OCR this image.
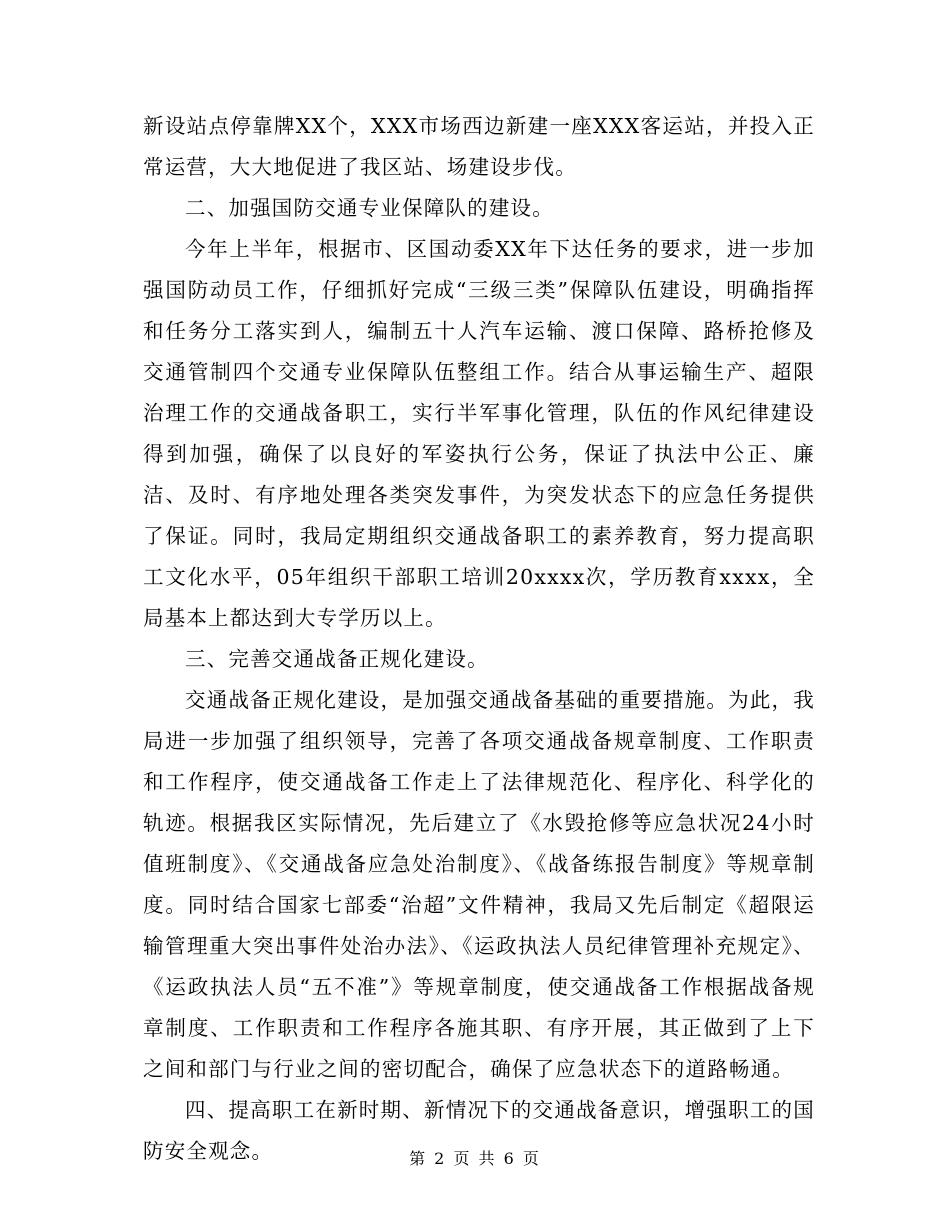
新设站点停靠牌XX个，XXX市场西边新建一座XXX客运站，并投入正常运营，大大地促进了我区站、场建设步伐。

二、加强国防交通专业保障队的建设。

今年上半年，根据市、区国动委XX年下达任务的要求，进一步加强国防动员工作，仔细抓好完成“三级三类”保障队伍建设，明确指挥和任务分工落实到人，编制五十人汽车运输、渡口保障、路桥抢修及交通管制四个交通专业保障队伍整组工作。结合从事运输生产、超限治理工作的交通战备职工，实行半军事化管理，队伍的作风纪律建设得到加强，确保了以良好的军姿执行公务，保证了执法中公正、廉洁、及时、有序地处理各类突发事件，为突发状态下的应急任务提供了保证。同时，我局定期组织交通战备职工的素养教育，努力提高职工文化水平，05年组织干部职工培训20xxxx次，学历教育xxxx，全局基本上都达到大专学历以上。

三、完善交通战备正规化建设。

交通战备正规化建设，是加强交通战备基础的重要措施。为此，我局进一步加强了组织领导，完善了各项交通战备规章制度、工作职责和工作程序，使交通战备工作走上了法律规范化、程序化、科学化的轨迹。根据我区实际情况，先后建立了《水毁抢修等应急状况24小时值班制度》、《交通战备应急处治制度》、《战备练报告制度》等规章制度。同时结合国家七部委“治超”文件精神，我局又先后制定《超限运输管理重大突出事件处治办法》、《运政执法人员纪律管理补充规定》、《运政执法人员“五不准”》等规章制度，使交通战备工作根据战备规章制度、工作职责和工作程序各施其职、有序开展，其正做到了上下之间和部门与行业之间的密切配合，确保了应急状态下的道路畅通。

四、提高职工在新时期、新情况下的交通战备意识，增强职工的国防安全观念。	第 2 页 共 6 页
